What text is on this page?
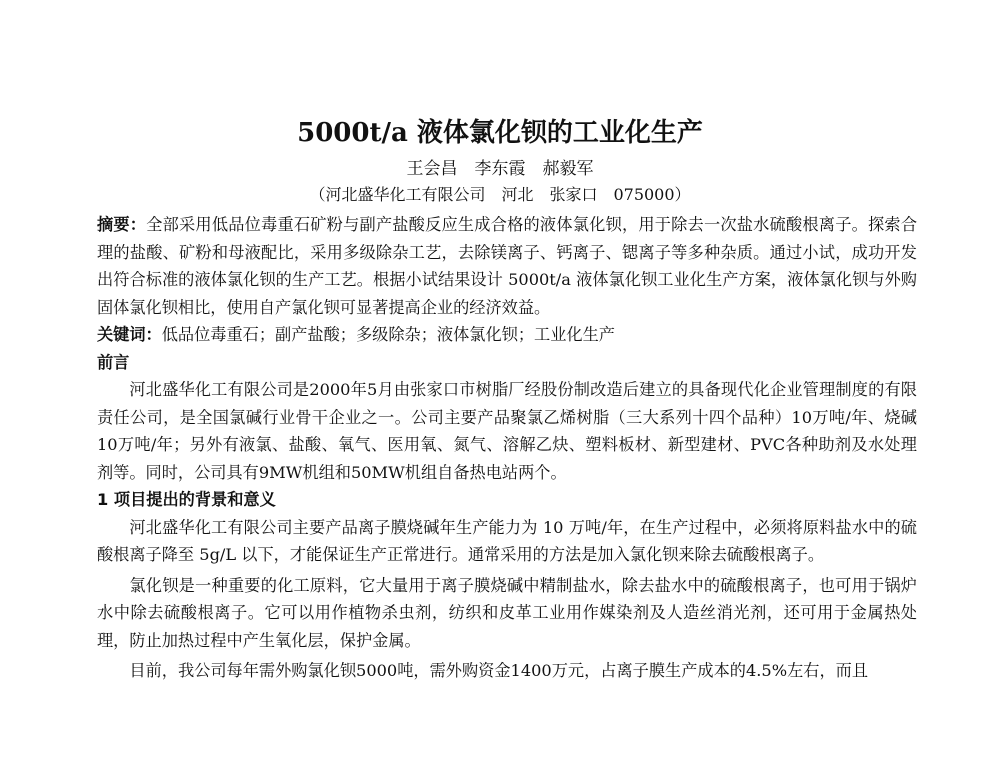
5000t/a 液体氯化钡的工业化生产
王会昌　李东霞　郝毅军
（河北盛华化工有限公司　河北　张家口　075000）

摘要：全部采用低品位毒重石矿粉与副产盐酸反应生成合格的液体氯化钡，用于除去一次盐水硫酸根离子。探索合理的盐酸、矿粉和母液配比，采用多级除杂工艺，去除镁离子、钙离子、锶离子等多种杂质。通过小试，成功开发出符合标准的液体氯化钡的生产工艺。根据小试结果设计 5000t/a 液体氯化钡工业化生产方案，液体氯化钡与外购固体氯化钡相比，使用自产氯化钡可显著提高企业的经济效益。

关键词：低品位毒重石；副产盐酸；多级除杂；液体氯化钡；工业化生产

前言

河北盛华化工有限公司是2000年5月由张家口市树脂厂经股份制改造后建立的具备现代化企业管理制度的有限责任公司，是全国氯碱行业骨干企业之一。公司主要产品聚氯乙烯树脂（三大系列十四个品种）10万吨/年、烧碱10万吨/年；另外有液氯、盐酸、氧气、医用氧、氮气、溶解乙炔、塑料板材、新型建材、PVC各种助剂及水处理剂等。同时，公司具有9MW机组和50MW机组自备热电站两个。

1 项目提出的背景和意义

河北盛华化工有限公司主要产品离子膜烧碱年生产能力为 10 万吨/年，在生产过程中，必须将原料盐水中的硫酸根离子降至 5g/L 以下，才能保证生产正常进行。通常采用的方法是加入氯化钡来除去硫酸根离子。

氯化钡是一种重要的化工原料，它大量用于离子膜烧碱中精制盐水，除去盐水中的硫酸根离子，也可用于锅炉水中除去硫酸根离子。它可以用作植物杀虫剂，纺织和皮革工业用作媒染剂及人造丝消光剂，还可用于金属热处理，防止加热过程中产生氧化层，保护金属。

目前，我公司每年需外购氯化钡5000吨，需外购资金1400万元，占离子膜生产成本的4.5%左右，而且
